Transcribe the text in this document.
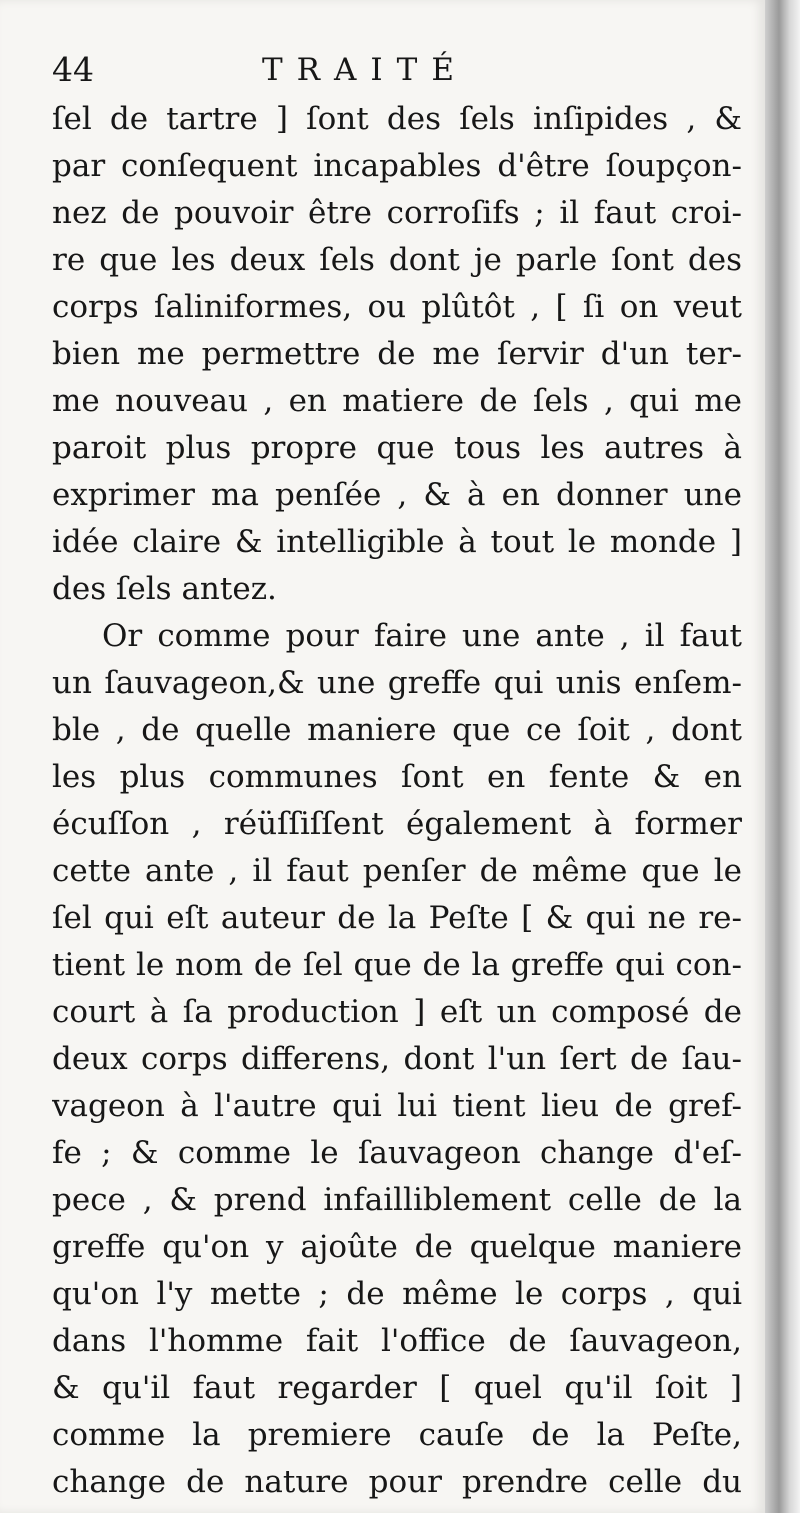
44	TRAITÉ
ſel de tartre ] ſont des ſels inſipides , &
par conſequent incapables d'être ſoupçon-
nez de pouvoir être corroſifs ; il faut croi-
re que les deux ſels dont je parle ſont des
corps ſaliniformes, ou plûtôt , [ ſi on veut
bien me permettre de me ſervir d'un ter-
me nouveau , en matiere de ſels , qui me
paroit plus propre que tous les autres à
exprimer ma penſée , & à en donner une
idée claire & intelligible à tout le monde ]
des ſels antez.
Or comme pour faire une ante , il faut
un ſauvageon,& une greffe qui unis enſem-
ble , de quelle maniere que ce ſoit , dont
les plus communes ſont en fente & en
écuſſon , réüſſiſſent également à former
cette ante , il faut penſer de même que le
ſel qui eſt auteur de la Peſte [ & qui ne re-
tient le nom de ſel que de la greffe qui con-
court à ſa production ] eſt un composé de
deux corps differens, dont l'un ſert de ſau-
vageon à l'autre qui lui tient lieu de gref-
fe ; & comme le ſauvageon change d'eſ-
pece , & prend infailliblement celle de la
greffe qu'on y ajoûte de quelque maniere
qu'on l'y mette ; de même le corps , qui
dans l'homme fait l'office de ſauvageon,
& qu'il faut regarder [ quel qu'il ſoit ]
comme la premiere cauſe de la Peſte,
change de nature pour prendre celle du
